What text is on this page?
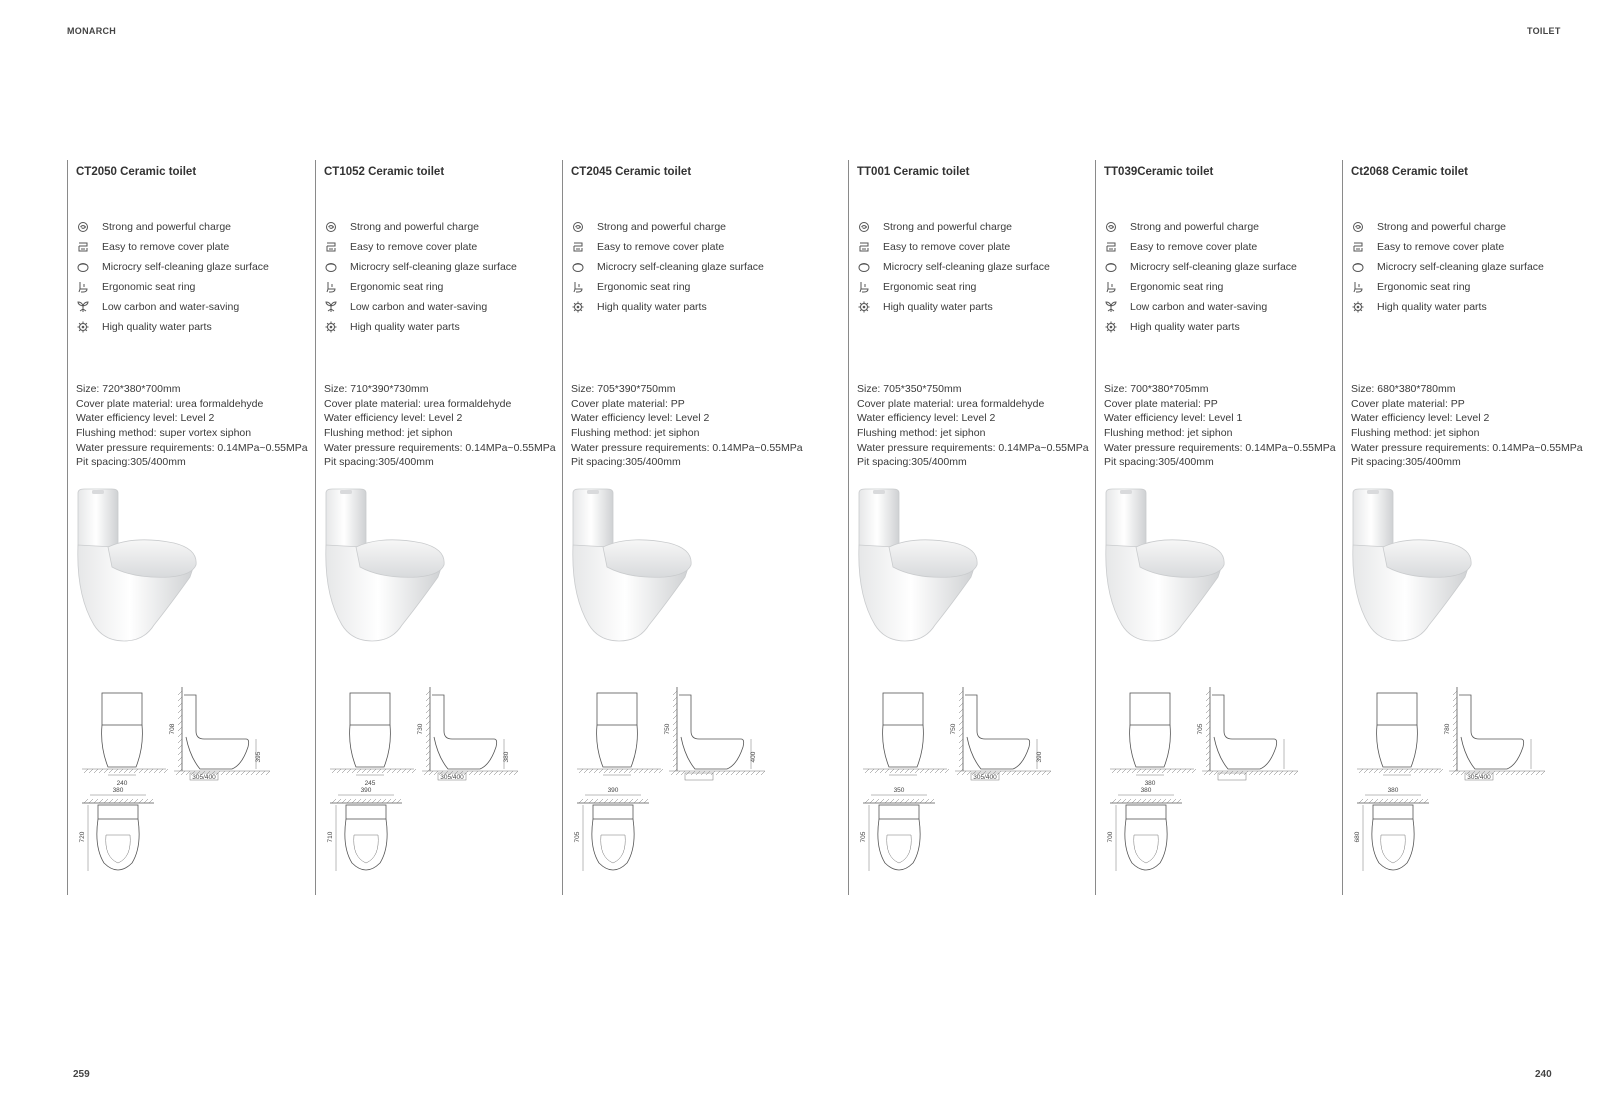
MONARCH	TOILET
CT2050 Ceramic toilet
Strong and powerful charge
Easy to remove cover plate
Microcry self-cleaning glaze surface
Ergonomic seat ring
Low carbon and water-saving
High quality water parts
Size: 720*380*700mm
Cover plate material: urea formaldehyde
Water efficiency level: Level 2
Flushing method: super vortex siphon
Water pressure requirements: 0.14MPa~0.55MPa
Pit spacing:305/400mm
708
395
240
305/400
380
720
CT1052 Ceramic toilet
Strong and powerful charge
Easy to remove cover plate
Microcry self-cleaning glaze surface
Ergonomic seat ring
Low carbon and water-saving
High quality water parts
Size: 710*390*730mm
Cover plate material: urea formaldehyde
Water efficiency level: Level 2
Flushing method: jet siphon
Water pressure requirements: 0.14MPa~0.55MPa
Pit spacing:305/400mm
730
380
245
305/400
390
710
CT2045 Ceramic toilet
Strong and powerful charge
Easy to remove cover plate
Microcry self-cleaning glaze surface
Ergonomic seat ring
High quality water parts
Size: 705*390*750mm
Cover plate material: PP
Water efficiency level: Level 2
Flushing method: jet siphon
Water pressure requirements: 0.14MPa~0.55MPa
Pit spacing:305/400mm
750
400
390
705
TT001 Ceramic toilet
Strong and powerful charge
Easy to remove cover plate
Microcry self-cleaning glaze surface
Ergonomic seat ring
High quality water parts
Size: 705*350*750mm
Cover plate material: urea formaldehyde
Water efficiency level: Level 2
Flushing method: jet siphon
Water pressure requirements: 0.14MPa~0.55MPa
Pit spacing:305/400mm
750
390
305/400
350
705
TT039Ceramic toilet
Strong and powerful charge
Easy to remove cover plate
Microcry self-cleaning glaze surface
Ergonomic seat ring
Low carbon and water-saving
High quality water parts
Size: 700*380*705mm
Cover plate material: PP
Water efficiency level: Level 1
Flushing method: jet siphon
Water pressure requirements: 0.14MPa~0.55MPa
Pit spacing:305/400mm
705
380
380
700
Ct2068 Ceramic toilet
Strong and powerful charge
Easy to remove cover plate
Microcry self-cleaning glaze surface
Ergonomic seat ring
High quality water parts
Size: 680*380*780mm
Cover plate material: PP
Water efficiency level: Level 2
Flushing method: jet siphon
Water pressure requirements: 0.14MPa~0.55MPa
Pit spacing:305/400mm
780
305/400
380
680
259	240
